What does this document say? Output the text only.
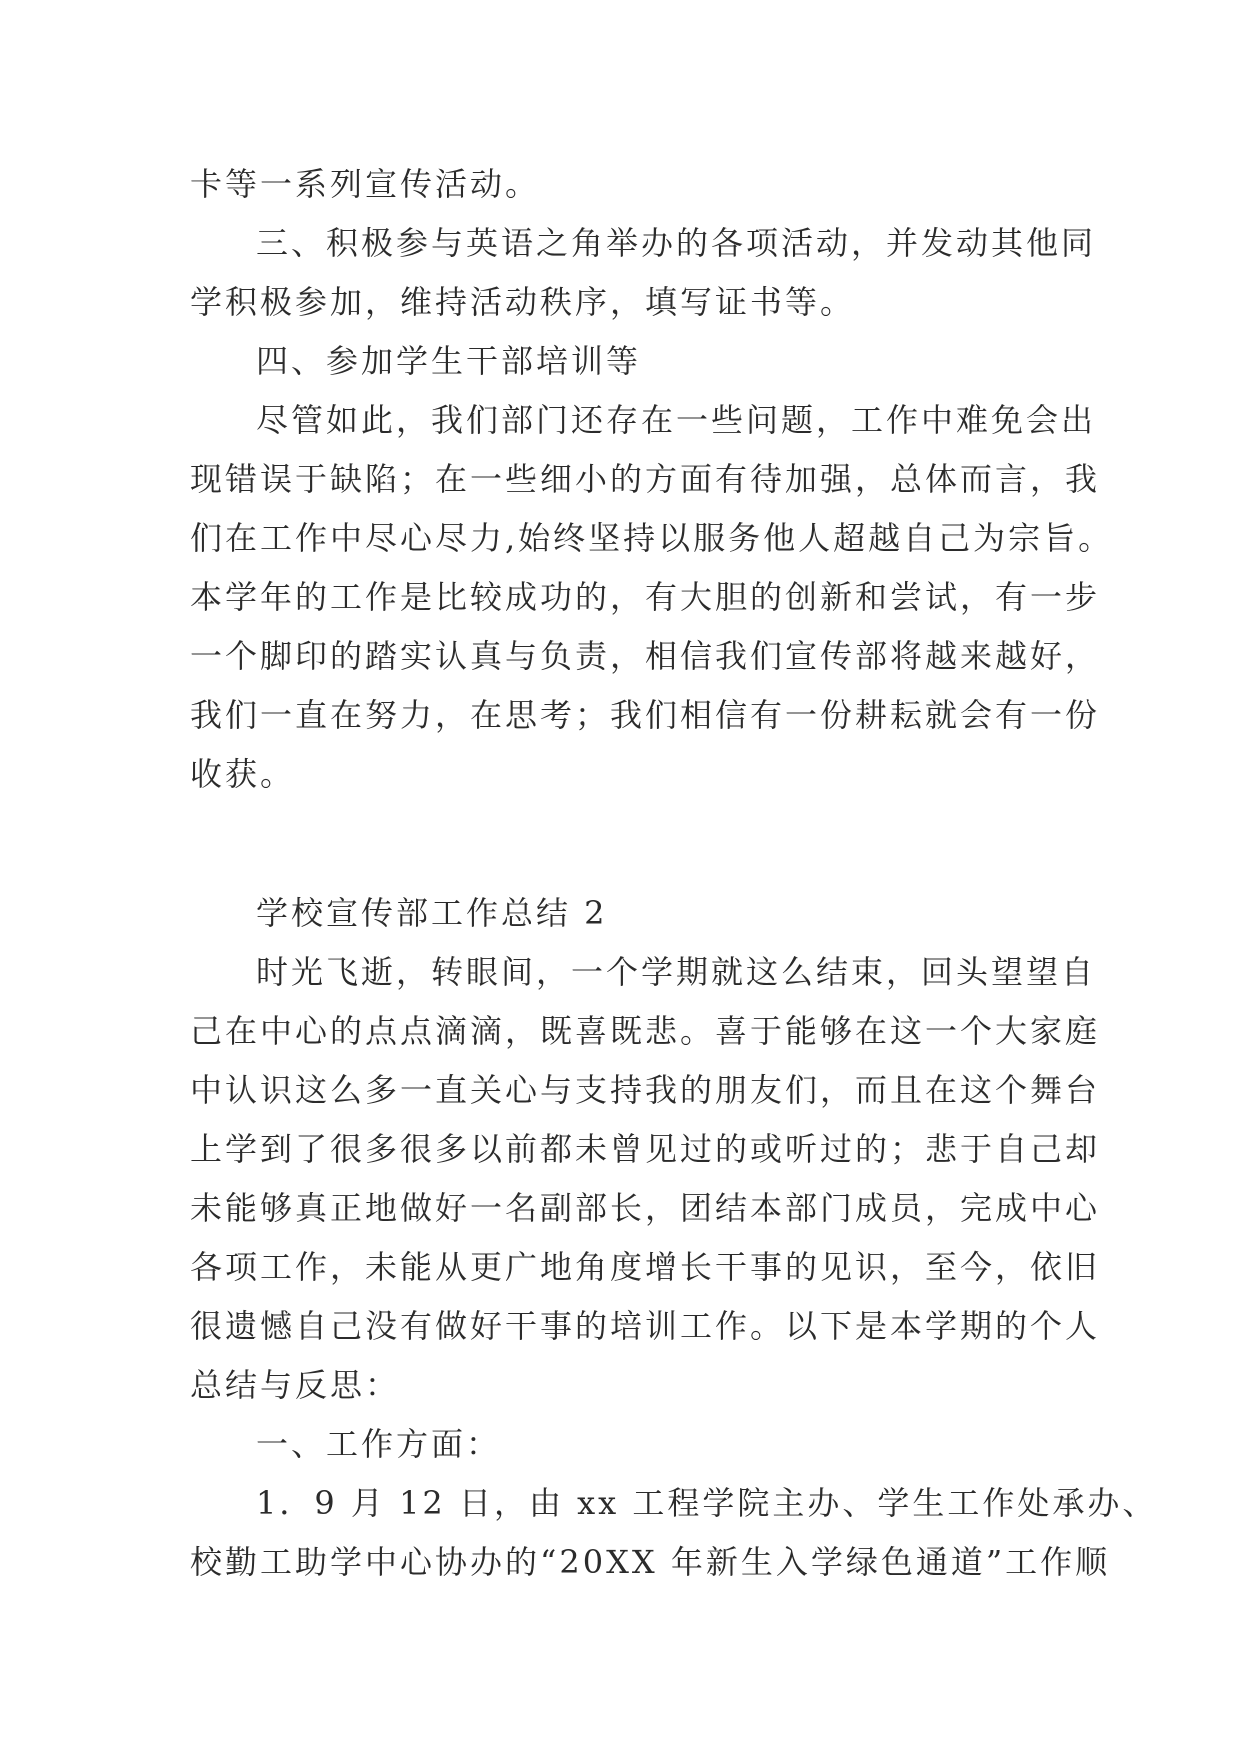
卡等一系列宣传活动。
三、积极参与英语之角举办的各项活动，并发动其他同
学积极参加，维持活动秩序，填写证书等。
四、参加学生干部培训等
尽管如此，我们部门还存在一些问题，工作中难免会出
现错误于缺陷；在一些细小的方面有待加强，总体而言，我
们在工作中尽心尽力,始终坚持以服务他人超越自己为宗旨。
本学年的工作是比较成功的，有大胆的创新和尝试，有一步
一个脚印的踏实认真与负责，相信我们宣传部将越来越好，
我们一直在努力，在思考；我们相信有一份耕耘就会有一份
收获。
学校宣传部工作总结 2
时光飞逝，转眼间，一个学期就这么结束，回头望望自
己在中心的点点滴滴，既喜既悲。喜于能够在这一个大家庭
中认识这么多一直关心与支持我的朋友们，而且在这个舞台
上学到了很多很多以前都未曾见过的或听过的；悲于自己却
未能够真正地做好一名副部长，团结本部门成员，完成中心
各项工作，未能从更广地角度增长干事的见识，至今，依旧
很遗憾自己没有做好干事的培训工作。以下是本学期的个人
总结与反思：
一、工作方面：
1．9 月 12 日，由 xx 工程学院主办、学生工作处承办、
校勤工助学中心协办的“20XX 年新生入学绿色通道”工作顺
